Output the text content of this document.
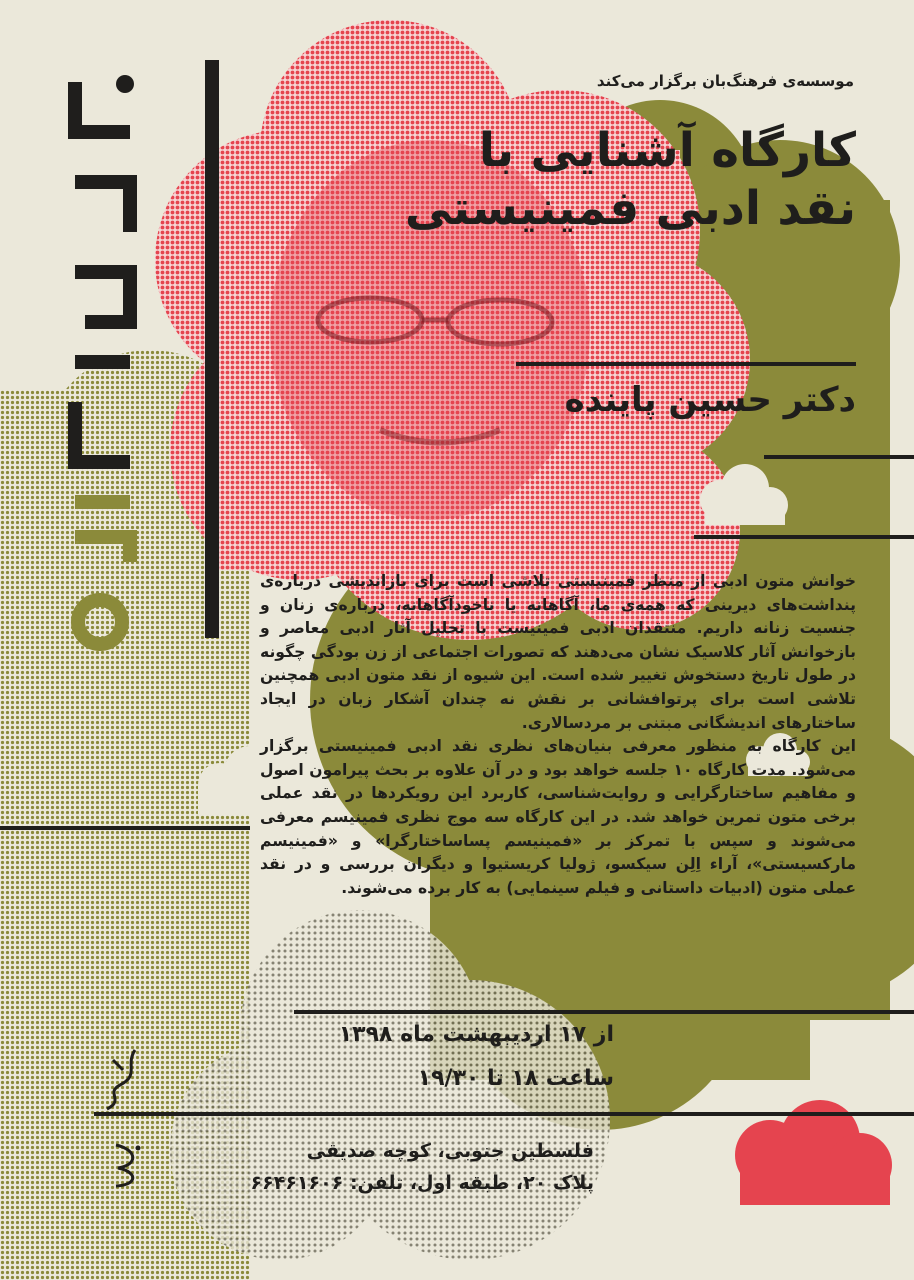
موسسه‌ی فرهنگ‌بان برگزار می‌کند
کارگاه آشنایی با
نقد ادبی فمینیستی
دکتر حسین پاینده

خوانش متون ادبی از منظر فمینیستی تلاشی است برای بازاندیشی درباره‌ی پنداشت‌های دیرینی که همه‌ی ما، آگاهانه یا ناخودآگاهانه، درباره‌ی زنان و جنسیت زنانه داریم. منتقدان ادبی فمینیست با تحلیل آثار ادبی معاصر و بازخوانش آثار کلاسیک نشان می‌دهند که تصورات اجتماعی از زن بودگی چگونه در طول تاریخ دستخوش تغییر شده است. این شیوه از نقد متون ادبی همچنین تلاشی است برای پرتوافشانی بر نقش نه چندان آشکار زبان در ایجاد ساختارهای اندیشگانی مبتنی بر مردسالاری.

این کارگاه به منظور معرفی بنیان‌های نظری نقد ادبی فمینیستی برگزار می‌شود. مدت کارگاه ۱۰ جلسه خواهد بود و در آن علاوه بر بحث پیرامون اصول و مفاهیم ساختارگرایی و روایت‌شناسی، کاربرد این رویکردها در نقد عملی برخی متون تمرین خواهد شد. در این کارگاه سه موج نظری فمینیسم معرفی می‌شوند و سپس با تمرکز بر «فمینیسم پساساختارگرا» و «فمینیسم مارکسیستی»، آراء اِلِن سیکسو، ژولیا کریستیوا و دیگران بررسی و در نقد عملی متون (ادبیات داستانی و فیلم سینمایی) به کار برده می‌شوند.

از ۱۷ اردیبهشت ماه ۱۳۹۸
ساعت ۱۸ تا ۱۹/۳۰
فلسطین جنوبی، کوچه صدیقی
پلاک ۲۰، طبقه اول، تلفن: ۶۶۴۶۱۶۰۶
